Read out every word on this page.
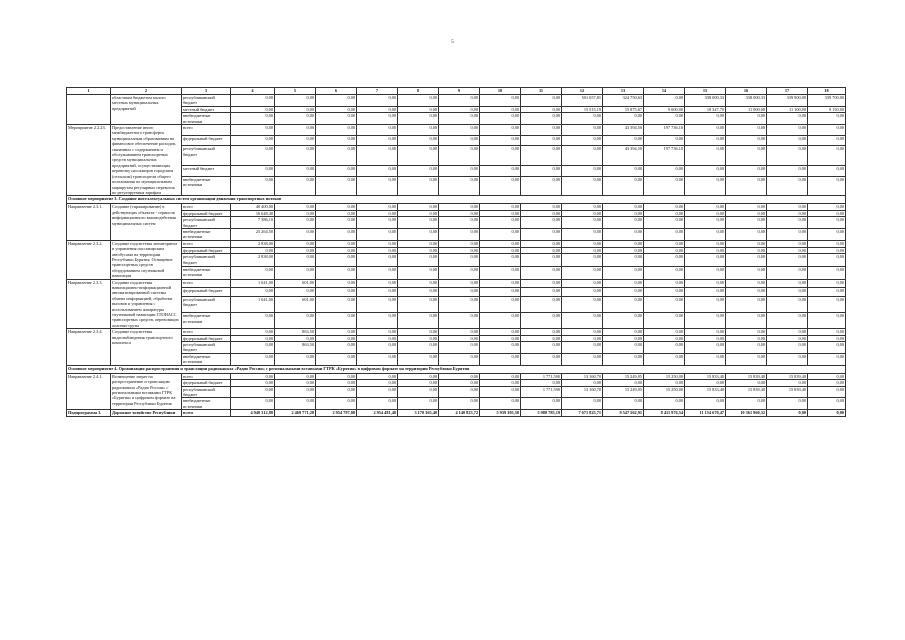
5
1	2	3	4	5	6	7	8	9	10	11	12	13	14	15	16	17	18
	областным бюджетом малого местных муниципальных предприятий	республиканский бюджет	0,00	0,00	0,00	0,00	0,00	0,00	0,00	0,00	501 657,81	324 750,63	0,00	338 000,33	338 000,33	339 900,00	339 700,00
		местный бюджет	0,00	0,00	0,00	0,00	0,00	0,00	0,00	0,00	15 515,19	15 875,67	9 600,00	10 347,70	11 000,00	11 100,00	9 150,00
		внебюджетные источники	0,00	0,00	0,00	0,00	0,00	0,00	0,00	0,00	0,00	0,00	0,00	0,00	0,00	0,00	0,00
Мероприятие 2.2.23.	Предоставление иного межбюджетного трансферта муниципальным образованиям на финансовое обеспечение расходов, связанных с содержанием и обслуживанием транспортных средств муниципальных предприятий, осуществляющих перевозку пассажиров городским (сельским) транспортом общего пользования по муниципальным маршрутам регулярных перевозок по регулируемым тарифам	всего	0,00	0,00	0,00	0,00	0,00	0,00	0,00	0,00	0,00	43 394,50	197 736,10	0,00	0,00	0,00	0,00
		федеральный бюджет	0,00	0,00	0,00	0,00	0,00	0,00	0,00	0,00	0,00	0,00	0,00	0,00	0,00	0,00	0,00
		республиканский бюджет	0,00	0,00	0,00	0,00	0,00	0,00	0,00	0,00	0,00	43 394,50	197 736,10	0,00	0,00	0,00	0,00
		местный бюджет	0,00	0,00	0,00	0,00	0,00	0,00	0,00	0,00	0,00	0,00	0,00	0,00	0,00	0,00	0,00
		внебюджетные источники	0,00	0,00	0,00	0,00	0,00	0,00	0,00	0,00	0,00	0,00	0,00	0,00	0,00	0,00	0,00
Основное мероприятие 3. Создание интеллектуальных систем организации движения транспортных потоков																	
Направление 2.3.1.	Создание (тиражирование) в действующих объектах - сервисов информационного взаимодействия муниципальных систем	всего	40 400,00	0,00	0,00	0,00	0,00	0,00	0,00	0,00	0,00	0,00	0,00	0,00	0,00	0,00	0,00
		федеральный бюджет	16 648,40	0,00	0,00	0,00	0,00	0,00	0,00	0,00	0,00	0,00	0,00	0,00	0,00	0,00	0,00
		республиканский бюджет	7 386,10	0,00	0,00	0,00	0,00	0,00	0,00	0,00	0,00	0,00	0,00	0,00	0,00	0,00	0,00
		внебюджетные источники	25 264,50	0,00	0,00	0,00	0,00	0,00	0,00	0,00	0,00	0,00	0,00	0,00	0,00	0,00	0,00
Направление 2.3.2.	Создание подсистемы мониторинга и управления пассажирским автобусами на территории Республики Бурятия. Оснащение транспортных средств оборудованием спутниковой навигации	всего	2 838,00	0,00	0,00	0,00	0,00	0,00	0,00	0,00	0,00	0,00	0,00	0,00	0,00	0,00	0,00
		федеральный бюджет	0,00	0,00	0,00	0,00	0,00	0,00	0,00	0,00	0,00	0,00	0,00	0,00	0,00	0,00	0,00
		республиканский бюджет	2 838,00	0,00	0,00	0,00	0,00	0,00	0,00	0,00	0,00	0,00	0,00	0,00	0,00	0,00	0,00
		внебюджетные источники	0,00	0,00	0,00	0,00	0,00	0,00	0,00	0,00	0,00	0,00	0,00	0,00	0,00	0,00	0,00
Направление 2.3.3.	Создание подсистемы навигационно-информационной автоматизированной системы обмена информацией, обработки вызовов и управления с использованием аппаратуры спутниковой навигации ГЛОНАСС транспортных средств, перевозящих опасные грузы	всего	1 641,00	601,00	0,00	0,00	0,00	0,00	0,00	0,00	0,00	0,00	0,00	0,00	0,00	0,00	0,00
		федеральный бюджет	0,00	0,00	0,00	0,00	0,00	0,00	0,00	0,00	0,00	0,00	0,00	0,00	0,00	0,00	0,00
		республиканский бюджет	1 641,00	601,00	0,00	0,00	0,00	0,00	0,00	0,00	0,00	0,00	0,00	0,00	0,00	0,00	0,00
		внебюджетные источники	0,00	0,00	0,00	0,00	0,00	0,00	0,00	0,00	0,00	0,00	0,00	0,00	0,00	0,00	0,00
Направление 2.3.4.	Создание подсистемы видеонаблюдения транспортного комплекса	всего	0,00	863,50	0,00	0,00	0,00	0,00	0,00	0,00	0,00	0,00	0,00	0,00	0,00	0,00	0,00
		федеральный бюджет	0,00	0,00	0,00	0,00	0,00	0,00	0,00	0,00	0,00	0,00	0,00	0,00	0,00	0,00	0,00
		республиканский бюджет	0,00	863,50	0,00	0,00	0,00	0,00	0,00	0,00	0,00	0,00	0,00	0,00	0,00	0,00	0,00
		внебюджетные источники	0,00	0,00	0,00	0,00	0,00	0,00	0,00	0,00	0,00	0,00	0,00	0,00	0,00	0,00	0,00
Основное мероприятие 4. Организация распространения и трансляции радиоканала «Радио России» с региональными вставками ГТРК «Бурятия» в цифровом формате на территории Республики Бурятия																	
Направление 2.4.1.	Возмещение затрат на распространение и трансляцию радиоканала «Радио России» с региональными вставками ГТРК «Бурятия» в цифровом формате на территории Республики Бурятия	всего	0,00	0,00	0,00	0,00	0,00	0,00	0,00	1 771,590	13 160,70	15 249,05	15 250,00	15 833,40	15 839,40	15 839,40	0,00
		федеральный бюджет	0,00	0,00	0,00	0,00	0,00	0,00	0,00	0,00	0,00	0,00	0,00	0,00	0,00	0,00	0,00
		республиканский бюджет	0,00	0,00	0,00	0,00	0,00	0,00	0,00	1 771,590	13 160,70	15 249,05	15 250,00	15 833,40	15 839,40	15 839,40	0,00
		внебюджетные источники	0,00	0,00	0,00	0,00	0,00	0,00	0,00	0,00	0,00	0,00	0,00	0,00	0,00	0,00	0,00
Подпрограмма 3.	Дорожное хозяйство Республики	всего	4 940 312,80	2 469 771,20	2 954 797,00	2 954 481,40	3 170 365,40	4 140 823,72	5 939 395,50	5 980 785,19	7 671 825,71	9 547 562,91	8 411 976,54	11 154 670,47	10 361 960,32	0,00	0,00
